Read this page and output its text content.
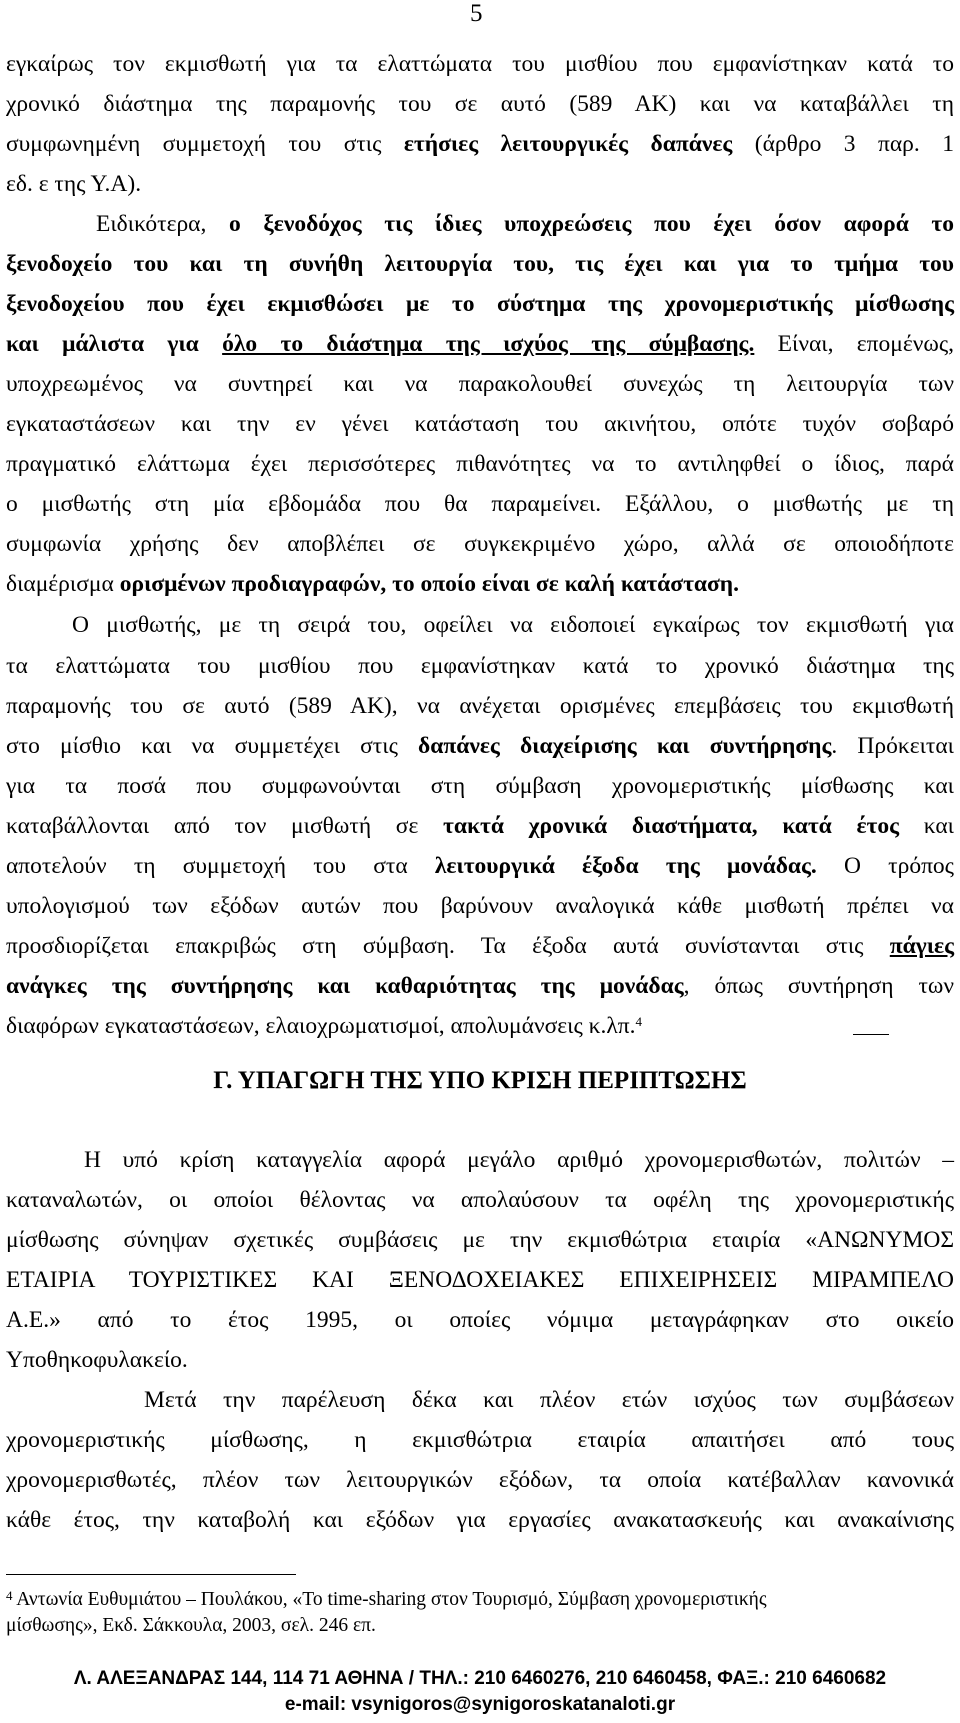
5
εγκαίρως τον εκμισθωτή για τα ελαττώματα του μισθίου που εμφανίστηκαν κατά το
χρονικό διάστημα της παραμονής του σε αυτό (589 ΑΚ) και να καταβάλλει τη
συμφωνημένη συμμετοχή του στις ετήσιες λειτουργικές δαπάνες (άρθρο 3 παρ. 1
εδ. ε της Υ.Α).
Ειδικότερα, ο ξενοδόχος τις ίδιες υποχρεώσεις που έχει όσον αφορά το
ξενοδοχείο του και τη συνήθη λειτουργία του, τις έχει και για το τμήμα του
ξενοδοχείου που έχει εκμισθώσει με το σύστημα της χρονομεριστικής μίσθωσης
και μάλιστα για όλο το διάστημα της ισχύος της σύμβασης. Είναι, επομένως,
υποχρεωμένος να συντηρεί και να παρακολουθεί συνεχώς τη λειτουργία των
εγκαταστάσεων και την εν γένει κατάσταση του ακινήτου, οπότε τυχόν σοβαρό
πραγματικό ελάττωμα έχει περισσότερες πιθανότητες να το αντιληφθεί ο ίδιος, παρά
ο μισθωτής στη μία εβδομάδα που θα παραμείνει. Εξάλλου, ο μισθωτής με τη
συμφωνία χρήσης δεν αποβλέπει σε συγκεκριμένο χώρο, αλλά σε οποιοδήποτε
διαμέρισμα ορισμένων προδιαγραφών, το οποίο είναι σε καλή κατάσταση.
Ο μισθωτής, με τη σειρά του, οφείλει να ειδοποιεί εγκαίρως τον εκμισθωτή για
τα ελαττώματα του μισθίου που εμφανίστηκαν κατά το χρονικό διάστημα της
παραμονής του σε αυτό (589 ΑΚ), να ανέχεται ορισμένες επεμβάσεις του εκμισθωτή
στο μίσθιο και να συμμετέχει στις δαπάνες διαχείρισης και συντήρησης. Πρόκειται
για τα ποσά που συμφωνούνται στη σύμβαση χρονομεριστικής μίσθωσης και
καταβάλλονται από τον μισθωτή σε τακτά χρονικά διαστήματα, κατά έτος και
αποτελούν τη συμμετοχή του στα λειτουργικά έξοδα της μονάδας. Ο τρόπος
υπολογισμού των εξόδων αυτών που βαρύνουν αναλογικά κάθε μισθωτή πρέπει να
προσδιορίζεται επακριβώς στη σύμβαση. Τα έξοδα αυτά συνίστανται στις πάγιες
ανάγκες της συντήρησης και καθαριότητας της μονάδας, όπως συντήρηση των
διαφόρων εγκαταστάσεων, ελαιοχρωματισμοί, απολυμάνσεις κ.λπ.$^4$
Γ. ΥΠΑΓΩΓΗ ΤΗΣ ΥΠΟ ΚΡΙΣΗ ΠΕΡΙΠΤΩΣΗΣ
Η υπό κρίση καταγγελία αφορά μεγάλο αριθμό χρονομερισθωτών, πολιτών –
καταναλωτών, οι οποίοι θέλοντας να απολαύσουν τα οφέλη της χρονομεριστικής
μίσθωσης σύνηψαν σχετικές συμβάσεις με την εκμισθώτρια εταιρία «ΑΝΩΝΥΜΟΣ
ΕΤΑΙΡΙΑ ΤΟΥΡΙΣΤΙΚΕΣ ΚΑΙ ΞΕΝΟΔΟΧΕΙΑΚΕΣ ΕΠΙΧΕΙΡΗΣΕΙΣ ΜΙΡΑΜΠΕΛΟ
Α.Ε.» από το έτος 1995, οι οποίες νόμιμα μεταγράφηκαν στο οικείο
Υποθηκοφυλακείο.
Μετά την παρέλευση δέκα και πλέον ετών ισχύος των συμβάσεων
χρονομεριστικής μίσθωσης, η εκμισθώτρια εταιρία απαιτήσει από τους
χρονομερισθωτές, πλέον των λειτουργικών εξόδων, τα οποία κατέβαλλαν κανονικά
κάθε έτος, την καταβολή και εξόδων για εργασίες ανακατασκευής και ανακαίνισης
$^4$ Αντωνία Ευθυμιάτου – Πουλάκου, «Το time-sharing στον Τουρισμό, Σύμβαση χρονομεριστικής
μίσθωσης», Εκδ. Σάκκουλα, 2003, σελ. 246 επ.
Λ. ΑΛΕΞΑΝΔΡΑΣ 144, 114 71 ΑΘΗΝΑ / ΤΗΛ.: 210 6460276, 210 6460458, ΦΑΞ.: 210 6460682
e-mail: vsynigoros@synigoroskatanaloti.gr
